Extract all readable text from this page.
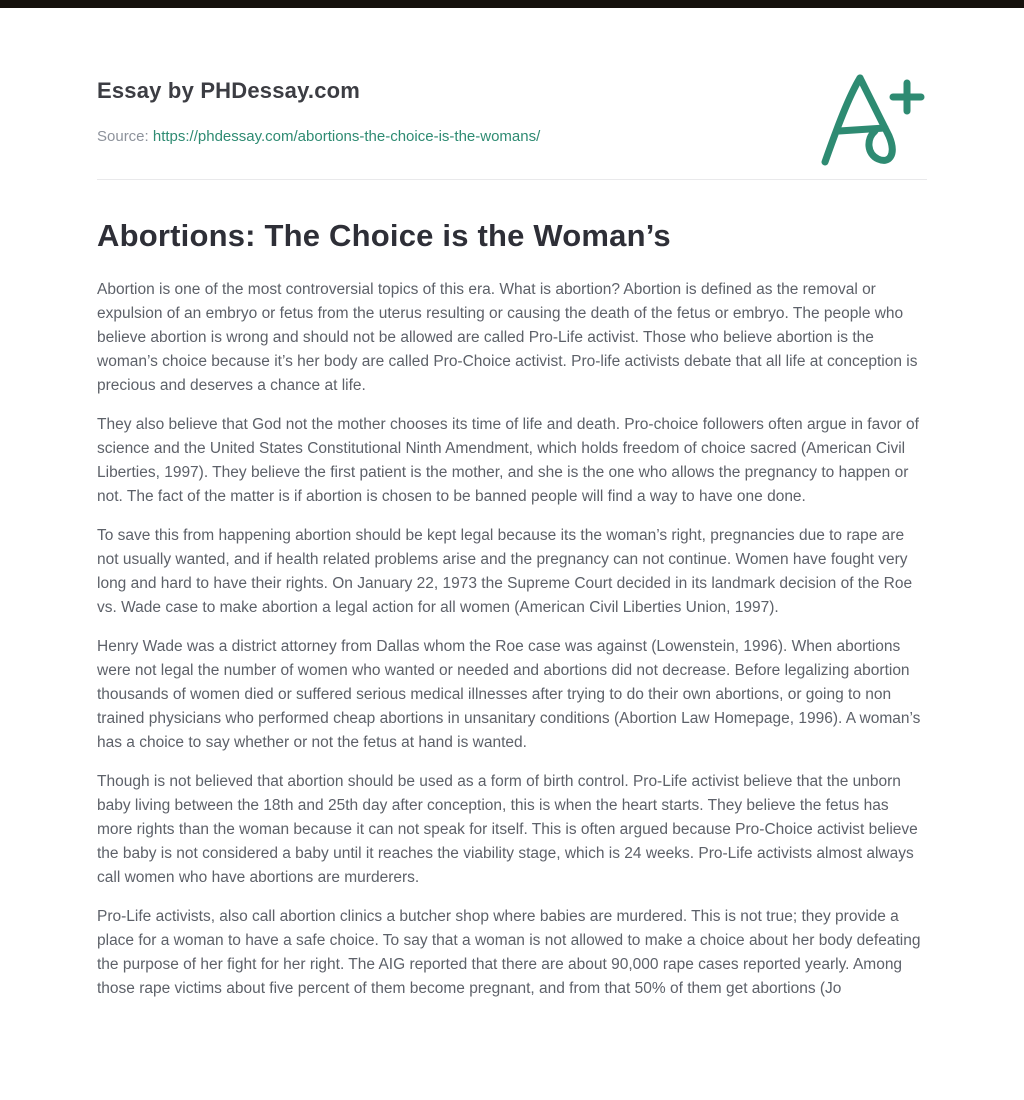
Essay by PHDessay.com
Source: https://phdessay.com/abortions-the-choice-is-the-womans/
Abortions: The Choice is the Woman’s

Abortion is one of the most controversial topics of this era. What is abortion? Abortion is defined as the removal or expulsion of an embryo or fetus from the uterus resulting or causing the death of the fetus or embryo. The people who believe abortion is wrong and should not be allowed are called Pro-Life activist. Those who believe abortion is the woman’s choice because it’s her body are called Pro-Choice activist. Pro-life activists debate that all life at conception is precious and deserves a chance at life.

They also believe that God not the mother chooses its time of life and death. Pro-choice followers often argue in favor of science and the United States Constitutional Ninth Amendment, which holds freedom of choice sacred (American Civil Liberties, 1997). They believe the first patient is the mother, and she is the one who allows the pregnancy to happen or not. The fact of the matter is if abortion is chosen to be banned people will find a way to have one done.

To save this from happening abortion should be kept legal because its the woman’s right, pregnancies due to rape are not usually wanted, and if health related problems arise and the pregnancy can not continue. Women have fought very long and hard to have their rights. On January 22, 1973 the Supreme Court decided in its landmark decision of the Roe vs. Wade case to make abortion a legal action for all women (American Civil Liberties Union, 1997).

Henry Wade was a district attorney from Dallas whom the Roe case was against (Lowenstein, 1996). When abortions were not legal the number of women who wanted or needed and abortions did not decrease. Before legalizing abortion thousands of women died or suffered serious medical illnesses after trying to do their own abortions, or going to non trained physicians who performed cheap abortions in unsanitary conditions (Abortion Law Homepage, 1996). A woman’s has a choice to say whether or not the fetus at hand is wanted.

Though is not believed that abortion should be used as a form of birth control. Pro-Life activist believe that the unborn baby living between the 18th and 25th day after conception, this is when the heart starts. They believe the fetus has more rights than the woman because it can not speak for itself. This is often argued because Pro-Choice activist believe the baby is not considered a baby until it reaches the viability stage, which is 24 weeks. Pro-Life activists almost always call women who have abortions are murderers.

Pro-Life activists, also call abortion clinics a butcher shop where babies are murdered. This is not true; they provide a place for a woman to have a safe choice. To say that a woman is not allowed to make a choice about her body defeating the purpose of her fight for her right. The AIG reported that there are about 90,000 rape cases reported yearly. Among those rape victims about five percent of them become pregnant, and from that 50% of them get abortions (Jo
